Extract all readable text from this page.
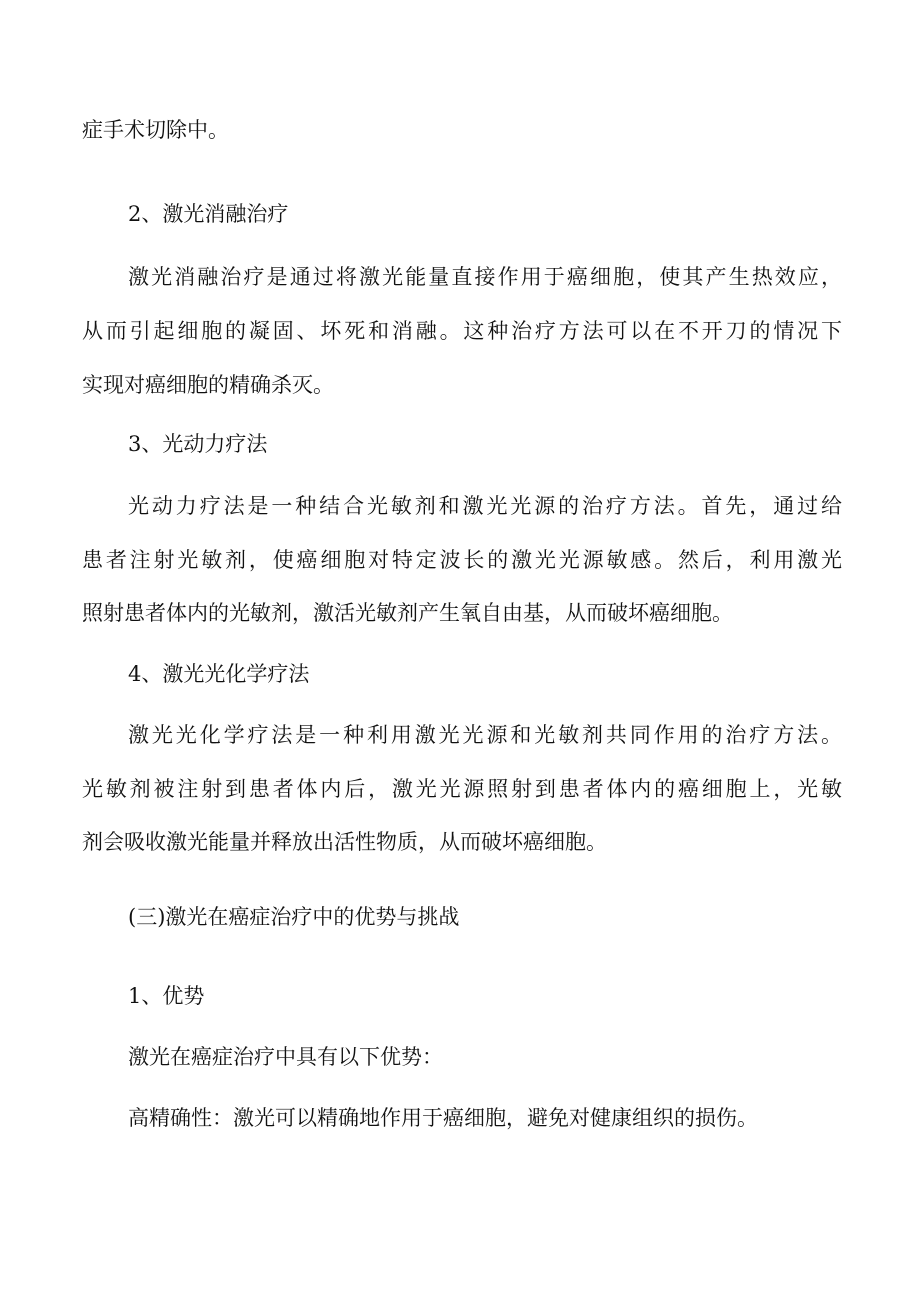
症手术切除中。
2、激光消融治疗
激光消融治疗是通过将激光能量直接作用于癌细胞，使其产生热效应，
从而引起细胞的凝固、坏死和消融。这种治疗方法可以在不开刀的情况下
实现对癌细胞的精确杀灭。
3、光动力疗法
光动力疗法是一种结合光敏剂和激光光源的治疗方法。首先，通过给
患者注射光敏剂，使癌细胞对特定波长的激光光源敏感。然后，利用激光
照射患者体内的光敏剂，激活光敏剂产生氧自由基，从而破坏癌细胞。
4、激光光化学疗法
激光光化学疗法是一种利用激光光源和光敏剂共同作用的治疗方法。
光敏剂被注射到患者体内后，激光光源照射到患者体内的癌细胞上，光敏
剂会吸收激光能量并释放出活性物质，从而破坏癌细胞。
(三)激光在癌症治疗中的优势与挑战
1、优势
激光在癌症治疗中具有以下优势：
高精确性：激光可以精确地作用于癌细胞，避免对健康组织的损伤。
